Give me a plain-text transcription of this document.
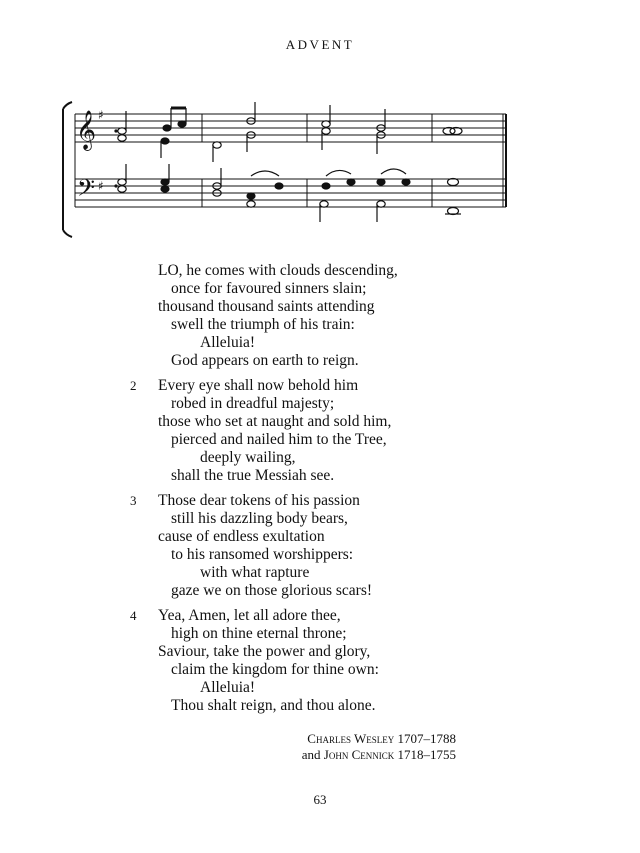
ADVENT
𝄞
𝄢
♯
♯
LO, he comes with clouds descending,
once for favoured sinners slain;
thousand thousand saints attending
swell the triumph of his train:
Alleluia!
God appears on earth to reign.
2 Every eye shall now behold him
robed in dreadful majesty;
those who set at naught and sold him,
pierced and nailed him to the Tree,
deeply wailing,
shall the true Messiah see.
3 Those dear tokens of his passion
still his dazzling body bears,
cause of endless exultation
to his ransomed worshippers:
with what rapture
gaze we on those glorious scars!
4 Yea, Amen, let all adore thee,
high on thine eternal throne;
Saviour, take the power and glory,
claim the kingdom for thine own:
Alleluia!
Thou shalt reign, and thou alone.
Charles Wesley 1707–1788
and John Cennick 1718–1755
63
